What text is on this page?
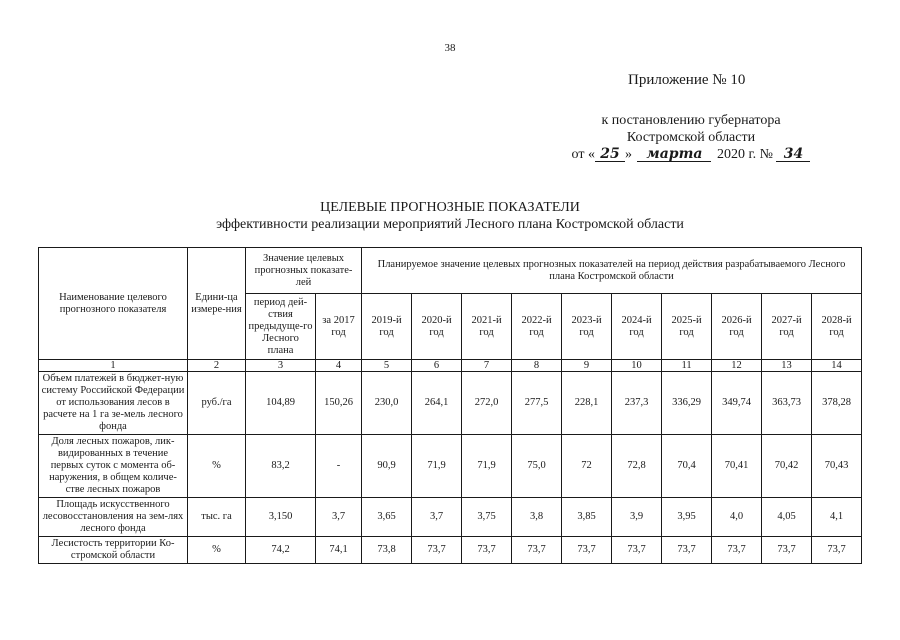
38
Приложение № 10
к постановлению губернатора
Костромской области
от « 25 » марта 2020 г. № 34
ЦЕЛЕВЫЕ ПРОГНОЗНЫЕ ПОКАЗАТЕЛИ
эффективности реализации мероприятий Лесного плана Костромской области
Наименование целевого прогнозного показателя	Едини-ца измере-ния	Значение целевых прогнозных показате-лей		Планируемое значение целевых прогнозных показателей на период действия разрабатываемого Лесного плана Костромской области									
		период дей-ствия предыдуще-го Лесного плана	за 2017 год	2019-й год	2020-й год	2021-й год	2022-й год	2023-й год	2024-й год	2025-й год	2026-й год	2027-й год	2028-й год
1	2	3	4	5	6	7	8	9	10	11	12	13	14
Объем платежей в бюджет-ную систему Российской Федерации от использования лесов в расчете на 1 га зе-мель лесного фонда	руб./га	104,89	150,26	230,0	264,1	272,0	277,5	228,1	237,3	336,29	349,74	363,73	378,28
Доля лесных пожаров, лик-видированных в течение первых суток с момента об-наружения, в общем количе-стве лесных пожаров	%	83,2	-	90,9	71,9	71,9	75,0	72	72,8	70,4	70,41	70,42	70,43
Площадь искусственного лесовосстановления на зем-лях лесного фонда	тыс. га	3,150	3,7	3,65	3,7	3,75	3,8	3,85	3,9	3,95	4,0	4,05	4,1
Лесистость территории Ко-стромской области	%	74,2	74,1	73,8	73,7	73,7	73,7	73,7	73,7	73,7	73,7	73,7	73,7
